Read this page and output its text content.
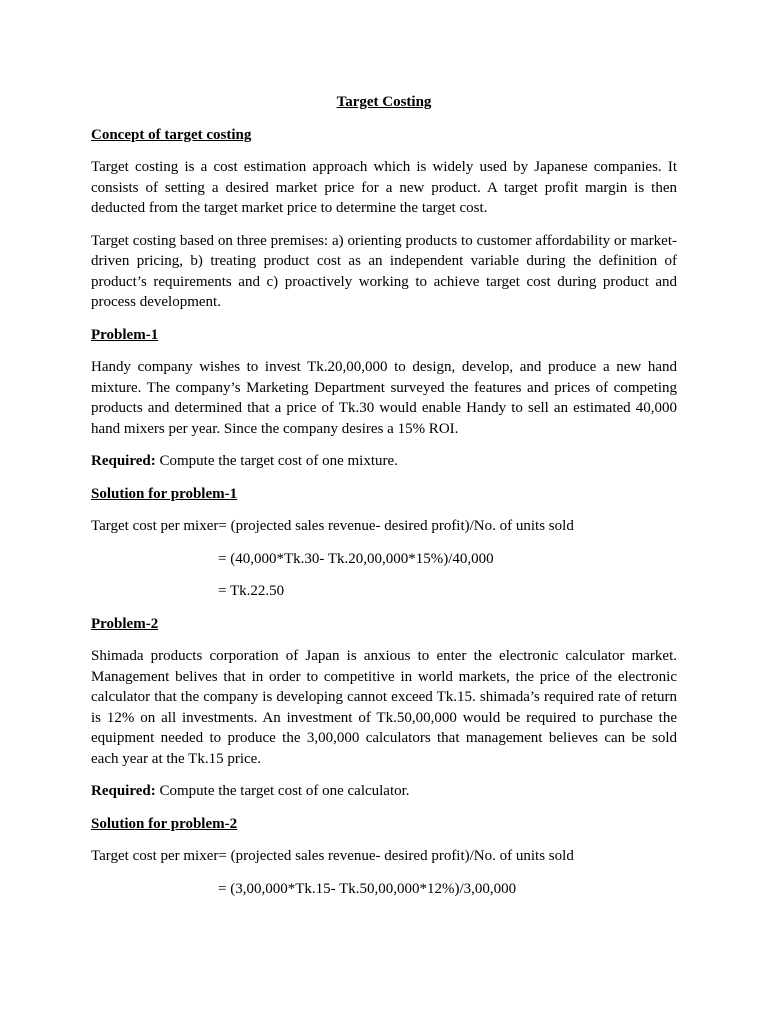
Target Costing
Concept of target costing
Target costing is a cost estimation approach which is widely used by Japanese companies. It consists of setting a desired market price for a new product. A target profit margin is then deducted from the target market price to determine the target cost.
Target costing based on three premises: a) orienting products to customer affordability or market-driven pricing, b) treating product cost as an independent variable during the definition of product’s requirements and c) proactively working to achieve target cost during product and process development.
Problem-1
Handy company wishes to invest Tk.20,00,000 to design, develop, and produce a new hand mixture. The company’s Marketing Department surveyed the features and prices of competing products and determined that a price of Tk.30 would enable Handy to sell an estimated 40,000 hand mixers per year. Since the company desires a 15% ROI.
Required: Compute the target cost of one mixture.
Solution for problem-1
Target cost per mixer= (projected sales revenue- desired profit)/No. of units sold
= (40,000*Tk.30- Tk.20,00,000*15%)/40,000
= Tk.22.50
Problem-2
Shimada products corporation of Japan is anxious to enter the electronic calculator market. Management belives that in order to competitive in world markets, the price of the electronic calculator that the company is developing cannot exceed Tk.15. shimada’s required rate of return is 12% on all investments. An investment of Tk.50,00,000 would be required to purchase the equipment needed to produce the 3,00,000 calculators that management believes can be sold each year at the Tk.15 price.
Required: Compute the target cost of one calculator.
Solution for problem-2
Target cost per mixer= (projected sales revenue- desired profit)/No. of units sold
= (3,00,000*Tk.15- Tk.50,00,000*12%)/3,00,000
